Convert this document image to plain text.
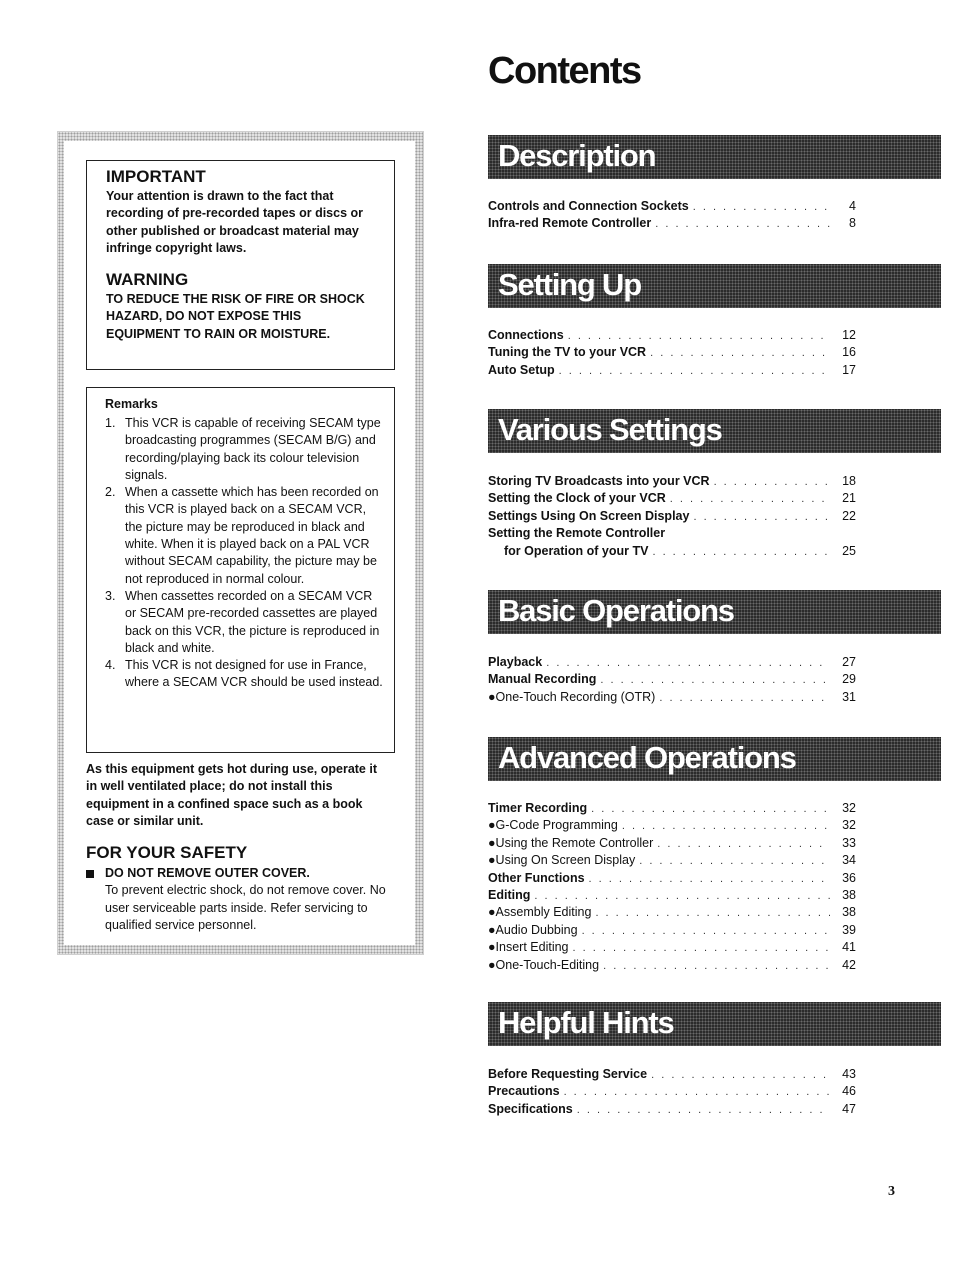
Contents
IMPORTANT

Your attention is drawn to the fact that recording of pre-recorded tapes or discs or other published or broadcast material may infringe copyright laws.

WARNING

TO REDUCE THE RISK OF FIRE OR SHOCK HAZARD, DO NOT EXPOSE THIS EQUIPMENT TO RAIN OR MOISTURE.

Remarks

1. This VCR is capable of receiving SECAM type broadcasting programmes (SECAM B/G) and recording/playing back its colour television signals.
2. When a cassette which has been recorded on this VCR is played back on a SECAM VCR, the picture may be reproduced in black and white. When it is played back on a PAL VCR without SECAM capability, the picture may be not reproduced in normal colour.
3. When cassettes recorded on a SECAM VCR or SECAM pre-recorded cassettes are played back on this VCR, the picture is reproduced in black and white.
4. This VCR is not designed for use in France, where a SECAM VCR should be used instead.

As this equipment gets hot during use, operate it in well ventilated place; do not install this equipment in a confined space such as a book case or similar unit.

FOR YOUR SAFETY
DO NOT REMOVE OUTER COVER.
To prevent electric shock, do not remove cover. No user serviceable parts inside. Refer servicing to qualified service personnel.
Description
Controls and Connection Sockets . . .	4
Infra-red Remote Controller . . .	8
Setting Up
Connections . . .	12
Tuning the TV to your VCR . . .	16
Auto Setup . . .	17
Various Settings
Storing TV Broadcasts into your VCR . . .	18
Setting the Clock of your VCR . . .	21
Settings Using On Screen Display . . .	22
Setting the Remote Controller
for Operation of your TV . . .	25
Basic Operations
Playback . . .	27
Manual Recording . . .	29
●One-Touch Recording (OTR) . . .	31
Advanced Operations
Timer Recording . . .	32
●G-Code Programming . . .	32
●Using the Remote Controller . . .	33
●Using On Screen Display . . .	34
Other Functions . . .	36
Editing . . .	38
●Assembly Editing . . .	38
●Audio Dubbing . . .	39
●Insert Editing . . .	41
●One-Touch-Editing . . .	42
Helpful Hints
Before Requesting Service . . .	43
Precautions . . .	46
Specifications . . .	47
3
